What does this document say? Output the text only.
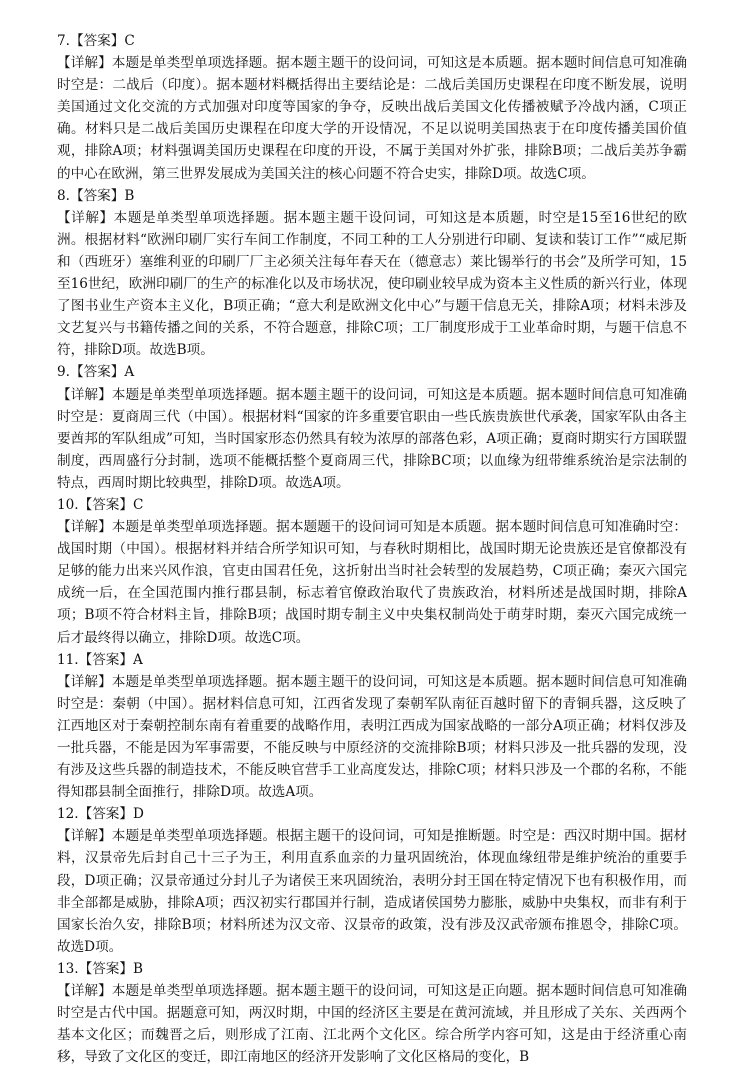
7.【答案】C
【详解】本题是单类型单项选择题。据本题主题干的设问词，可知这是本质题。据本题时间信息可知准确时空是：二战后（印度）。据本题材料概括得出主要结论是：二战后美国历史课程在印度不断发展，说明美国通过文化交流的方式加强对印度等国家的争夺，反映出战后美国文化传播被赋予冷战内涵，C项正确。材料只是二战后美国历史课程在印度大学的开设情况，不足以说明美国热衷于在印度传播美国价值观，排除A项；材料强调美国历史课程在印度的开设，不属于美国对外扩张，排除B项；二战后美苏争霸的中心在欧洲，第三世界发展成为美国关注的核心问题不符合史实，排除D项。故选C项。
8.【答案】B
【详解】本题是单类型单项选择题。据本题主题干设问词，可知这是本质题，时空是15至16世纪的欧洲。根据材料“欧洲印刷厂实行车间工作制度，不同工种的工人分别进行印刷、复读和装订工作”“威尼斯和（西班牙）塞维利亚的印刷厂厂主必须关注每年春天在（德意志）莱比锡举行的书会”及所学可知，15至16世纪，欧洲印刷厂的生产的标准化以及市场状况，使印刷业较早成为资本主义性质的新兴行业，体现了图书业生产资本主义化，B项正确；“意大利是欧洲文化中心”与题干信息无关，排除A项；材料未涉及文艺复兴与书籍传播之间的关系，不符合题意，排除C项；工厂制度形成于工业革命时期，与题干信息不符，排除D项。故选B项。
9.【答案】A
【详解】本题是单类型单项选择题。据本题主题干的设问词，可知这是本质题。据本题时间信息可知准确时空是：夏商周三代（中国）。根据材料“国家的许多重要官职由一些氏族贵族世代承袭，国家军队由各主要酋邦的军队组成”可知，当时国家形态仍然具有较为浓厚的部落色彩，A项正确；夏商时期实行方国联盟制度，西周盛行分封制，选项不能概括整个夏商周三代，排除BC项；以血缘为纽带维系统治是宗法制的特点，西周时期比较典型，排除D项。故选A项。
10.【答案】C
【详解】本题是单类型单项选择题。据本题题干的设问词可知是本质题。据本题时间信息可知准确时空：战国时期（中国）。根据材料并结合所学知识可知，与春秋时期相比，战国时期无论贵族还是官僚都没有足够的能力出来兴风作浪，官吏由国君任免，这折射出当时社会转型的发展趋势，C项正确；秦灭六国完成统一后，在全国范围内推行郡县制，标志着官僚政治取代了贵族政治，材料所述是战国时期，排除A项；B项不符合材料主旨，排除B项；战国时期专制主义中央集权制尚处于萌芽时期，秦灭六国完成统一后才最终得以确立，排除D项。故选C项。
11.【答案】A
【详解】本题是单类型单项选择题。据本题主题干的设问词，可知这是本质题。据本题时间信息可知准确时空是：秦朝（中国）。据材料信息可知，江西省发现了秦朝军队南征百越时留下的青铜兵器，这反映了江西地区对于秦朝控制东南有着重要的战略作用，表明江西成为国家战略的一部分A项正确；材料仅涉及一批兵器，不能是因为军事需要，不能反映与中原经济的交流排除B项；材料只涉及一批兵器的发现，没有涉及这些兵器的制造技术，不能反映官营手工业高度发达，排除C项；材料只涉及一个郡的名称，不能得知郡县制全面推行，排除D项。故选A项。
12.【答案】D
【详解】本题是单类型单项选择题。根据主题干的设问词，可知是推断题。时空是：西汉时期中国。据材料，汉景帝先后封自己十三子为王，利用直系血亲的力量巩固统治，体现血缘纽带是维护统治的重要手段，D项正确；汉景帝通过分封儿子为诸侯王来巩固统治，表明分封王国在特定情况下也有积极作用，而非全部都是威胁，排除A项；西汉初实行郡国并行制，造成诸侯国势力膨胀，威胁中央集权，而非有利于国家长治久安，排除B项；材料所述为汉文帝、汉景帝的政策，没有涉及汉武帝颁布推恩令，排除C项。故选D项。
13.【答案】B
【详解】本题是单类型单项选择题。据本题主题干的设问词，可知这是正向题。据本题时间信息可知准确时空是古代中国。据题意可知，两汉时期，中国的经济区主要是在黄河流域，并且形成了关东、关西两个基本文化区；而魏晋之后，则形成了江南、江北两个文化区。综合所学内容可知，这是由于经济重心南移，导致了文化区的变迁，即江南地区的经济开发影响了文化区格局的变化，B
